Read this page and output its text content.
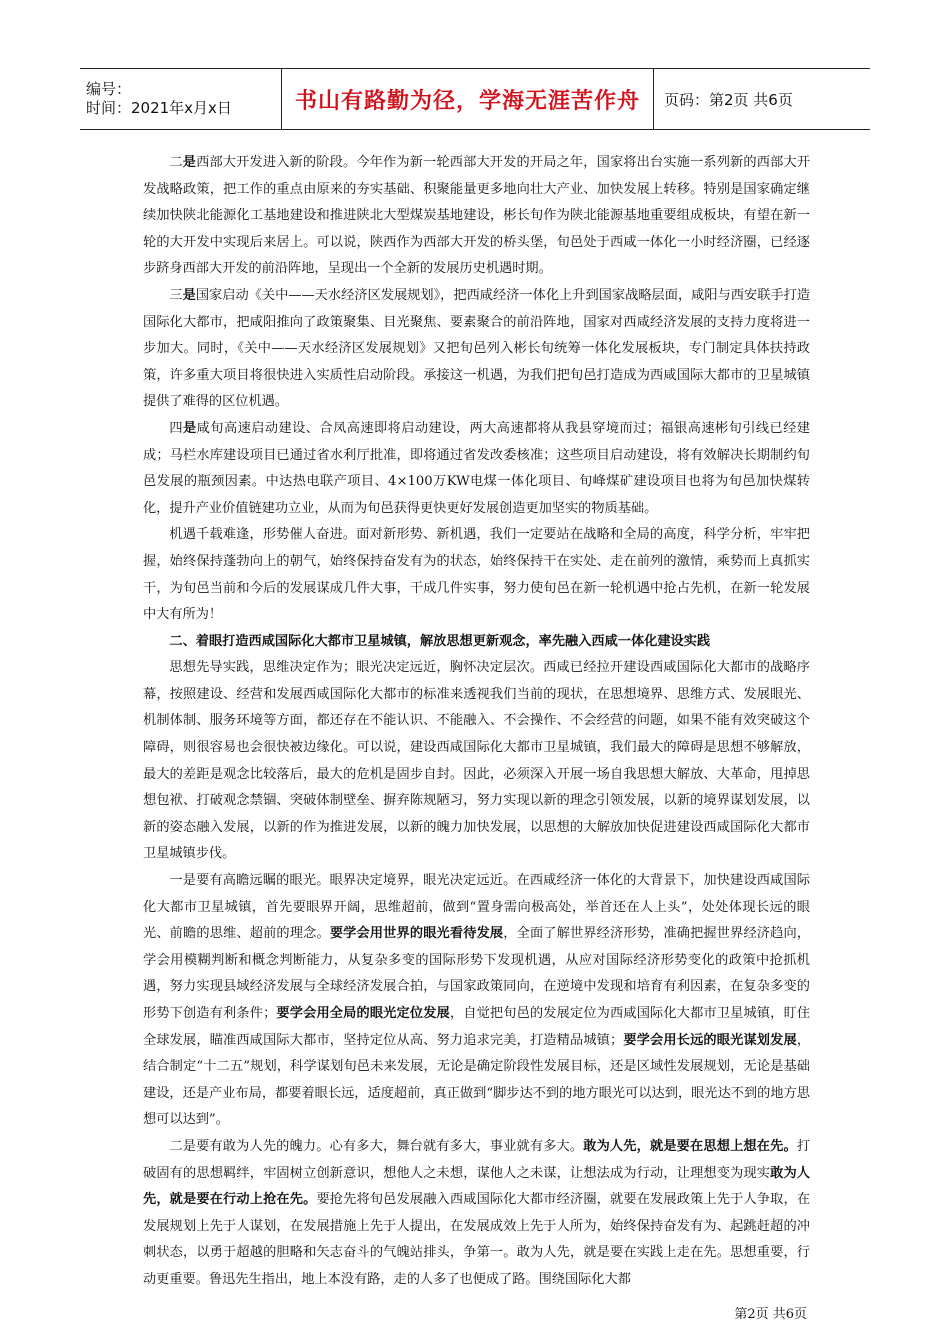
编号：
时间：2021年x月x日	书山有路勤为径，学海无涯苦作舟	页码：第2页 共6页

二是西部大开发进入新的阶段。今年作为新一轮西部大开发的开局之年，国家将出台实施一系列新的西部大开发战略政策，把工作的重点由原来的夯实基础、积聚能量更多地向壮大产业、加快发展上转移。特别是国家确定继续加快陕北能源化工基地建设和推进陕北大型煤炭基地建设，彬长旬作为陕北能源基地重要组成板块，有望在新一轮的大开发中实现后来居上。可以说，陕西作为西部大开发的桥头堡，旬邑处于西咸一体化一小时经济圈，已经逐步跻身西部大开发的前沿阵地，呈现出一个全新的发展历史机遇时期。

三是国家启动《关中——天水经济区发展规划》，把西咸经济一体化上升到国家战略层面，咸阳与西安联手打造国际化大都市，把咸阳推向了政策聚集、目光聚焦、要素聚合的前沿阵地，国家对西咸经济发展的支持力度将进一步加大。同时，《关中——天水经济区发展规划》又把旬邑列入彬长旬统筹一体化发展板块，专门制定具体扶持政策，许多重大项目将很快进入实质性启动阶段。承接这一机遇，为我们把旬邑打造成为西咸国际大都市的卫星城镇提供了难得的区位机遇。

四是咸旬高速启动建设、合凤高速即将启动建设，两大高速都将从我县穿境而过；福银高速彬旬引线已经建成；马栏水库建设项目已通过省水利厅批准，即将通过省发改委核准；这些项目启动建设，将有效解决长期制约旬邑发展的瓶颈因素。中达热电联产项目、4×100万KW电煤一体化项目、旬峰煤矿建设项目也将为旬邑加快煤转化，提升产业价值链建功立业，从而为旬邑获得更快更好发展创造更加坚实的物质基础。

机遇千载难逢，形势催人奋进。面对新形势、新机遇，我们一定要站在战略和全局的高度，科学分析，牢牢把握，始终保持蓬勃向上的朝气，始终保持奋发有为的状态，始终保持干在实处、走在前列的激情，乘势而上真抓实干，为旬邑当前和今后的发展谋成几件大事，干成几件实事，努力使旬邑在新一轮机遇中抢占先机，在新一轮发展中大有所为！

二、着眼打造西咸国际化大都市卫星城镇，解放思想更新观念，率先融入西咸一体化建设实践

思想先导实践，思维决定作为；眼光决定远近，胸怀决定层次。西咸已经拉开建设西咸国际化大都市的战略序幕，按照建设、经营和发展西咸国际化大都市的标准来透视我们当前的现状，在思想境界、思维方式、发展眼光、机制体制、服务环境等方面，都还存在不能认识、不能融入、不会操作、不会经营的问题，如果不能有效突破这个障碍，则很容易也会很快被边缘化。可以说，建设西咸国际化大都市卫星城镇，我们最大的障碍是思想不够解放，最大的差距是观念比较落后，最大的危机是固步自封。因此，必须深入开展一场自我思想大解放、大革命，甩掉思想包袱、打破观念禁锢、突破体制壁垒、摒弃陈规陋习，努力实现以新的理念引领发展，以新的境界谋划发展，以新的姿态融入发展，以新的作为推进发展，以新的魄力加快发展，以思想的大解放加快促进建设西咸国际化大都市卫星城镇步伐。

一是要有高瞻远瞩的眼光。眼界决定境界，眼光决定远近。在西咸经济一体化的大背景下，加快建设西咸国际化大都市卫星城镇，首先要眼界开阔，思维超前，做到“置身需向极高处，举首还在人上头”，处处体现长远的眼光、前瞻的思维、超前的理念。要学会用世界的眼光看待发展，全面了解世界经济形势，准确把握世界经济趋向，学会用模糊判断和概念判断能力，从复杂多变的国际形势下发现机遇，从应对国际经济形势变化的政策中抢抓机遇，努力实现县域经济发展与全球经济发展合拍，与国家政策同向，在逆境中发现和培育有利因素，在复杂多变的形势下创造有利条件；要学会用全局的眼光定位发展，自觉把旬邑的发展定位为西咸国际化大都市卫星城镇，盯住全球发展，瞄准西咸国际大都市，坚持定位从高、努力追求完美，打造精品城镇；要学会用长远的眼光谋划发展，结合制定“十二五”规划，科学谋划旬邑未来发展，无论是确定阶段性发展目标，还是区域性发展规划，无论是基础建设，还是产业布局，都要着眼长远，适度超前，真正做到“脚步达不到的地方眼光可以达到，眼光达不到的地方思想可以达到”。

二是要有敢为人先的魄力。心有多大，舞台就有多大，事业就有多大。敢为人先，就是要在思想上想在先。打破固有的思想羁绊，牢固树立创新意识，想他人之未想，谋他人之未谋，让想法成为行动，让理想变为现实敢为人先，就是要在行动上抢在先。要抢先将旬邑发展融入西咸国际化大都市经济圈，就要在发展政策上先于人争取，在发展规划上先于人谋划，在发展措施上先于人提出，在发展成效上先于人所为，始终保持奋发有为、起跳赶超的冲刺状态，以勇于超越的胆略和矢志奋斗的气魄站排头，争第一。敢为人先，就是要在实践上走在先。思想重要，行动更重要。鲁迅先生指出，地上本没有路，走的人多了也便成了路。围绕国际化大都

第2页 共6页
